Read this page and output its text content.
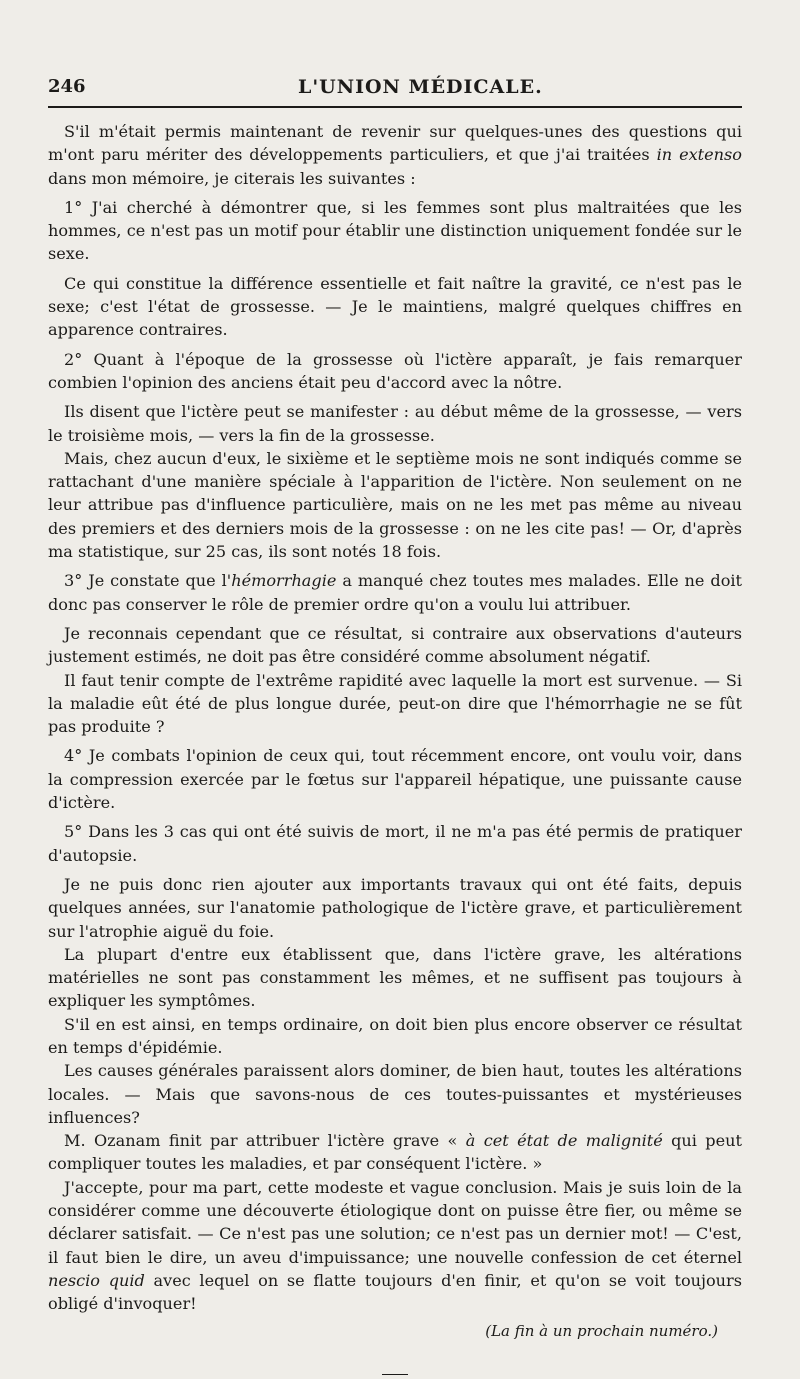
246	L'UNION MÉDICALE.

S'il m'était permis maintenant de revenir sur quelques-unes des questions qui m'ont paru mériter des développements particuliers, et que j'ai traitées in extenso dans mon mémoire, je citerais les suivantes :

1° J'ai cherché à démontrer que, si les femmes sont plus maltraitées que les hommes, ce n'est pas un motif pour établir une distinction uniquement fondée sur le sexe.

Ce qui constitue la différence essentielle et fait naître la gravité, ce n'est pas le sexe; c'est l'état de grossesse. — Je le maintiens, malgré quelques chiffres en apparence contraires.

2° Quant à l'époque de la grossesse où l'ictère apparaît, je fais remarquer combien l'opinion des anciens était peu d'accord avec la nôtre.

Ils disent que l'ictère peut se manifester : au début même de la grossesse, — vers le troisième mois, — vers la fin de la grossesse.

Mais, chez aucun d'eux, le sixième et le septième mois ne sont indiqués comme se rattachant d'une manière spéciale à l'apparition de l'ictère. Non seulement on ne leur attribue pas d'influence particulière, mais on ne les met pas même au niveau des premiers et des derniers mois de la grossesse : on ne les cite pas! — Or, d'après ma statistique, sur 25 cas, ils sont notés 18 fois.

3° Je constate que l'hémorrhagie a manqué chez toutes mes malades. Elle ne doit donc pas conserver le rôle de premier ordre qu'on a voulu lui attribuer.

Je reconnais cependant que ce résultat, si contraire aux observations d'auteurs justement estimés, ne doit pas être considéré comme absolument négatif.

Il faut tenir compte de l'extrême rapidité avec laquelle la mort est survenue. — Si la maladie eût été de plus longue durée, peut-on dire que l'hémorrhagie ne se fût pas produite ?

4° Je combats l'opinion de ceux qui, tout récemment encore, ont voulu voir, dans la compression exercée par le fœtus sur l'appareil hépatique, une puissante cause d'ictère.

5° Dans les 3 cas qui ont été suivis de mort, il ne m'a pas été permis de pratiquer d'autopsie.

Je ne puis donc rien ajouter aux importants travaux qui ont été faits, depuis quelques années, sur l'anatomie pathologique de l'ictère grave, et particulièrement sur l'atrophie aiguë du foie.

La plupart d'entre eux établissent que, dans l'ictère grave, les altérations matérielles ne sont pas constamment les mêmes, et ne suffisent pas toujours à expliquer les symptômes.

S'il en est ainsi, en temps ordinaire, on doit bien plus encore observer ce résultat en temps d'épidémie.

Les causes générales paraissent alors dominer, de bien haut, toutes les altérations locales. — Mais que savons-nous de ces toutes-puissantes et mystérieuses influences?

M. Ozanam finit par attribuer l'ictère grave « à cet état de malignité qui peut compliquer toutes les maladies, et par conséquent l'ictère. »

J'accepte, pour ma part, cette modeste et vague conclusion. Mais je suis loin de la considérer comme une découverte étiologique dont on puisse être fier, ou même se déclarer satisfait. — Ce n'est pas une solution; ce n'est pas un dernier mot! — C'est, il faut bien le dire, un aveu d'impuissance; une nouvelle confession de cet éternel nescio quid avec lequel on se flatte toujours d'en finir, et qu'on se voit toujours obligé d'invoquer!

(La fin à un prochain numéro.)
